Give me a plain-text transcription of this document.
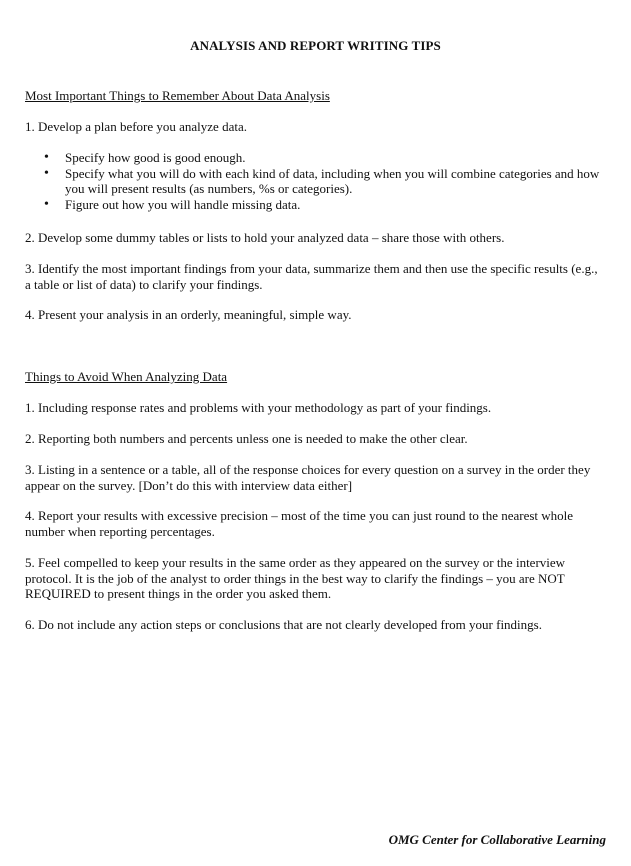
ANALYSIS AND REPORT WRITING TIPS
Most Important Things to Remember About Data Analysis
1. Develop a plan before you analyze data.
• Specify how good is good enough.
• Specify what you will do with each kind of data, including when you will combine categories and how you will present results (as numbers, %s or categories).
• Figure out how you will handle missing data.
2. Develop some dummy tables or lists to hold your analyzed data – share those with others.
3. Identify the most important findings from your data, summarize them and then use the specific results (e.g., a table or list of data) to clarify your findings.
4. Present your analysis in an orderly, meaningful, simple way.
Things to Avoid When Analyzing Data
1. Including response rates and problems with your methodology as part of your findings.
2. Reporting both numbers and percents unless one is needed to make the other clear.
3. Listing in a sentence or a table, all of the response choices for every question on a survey in the order they appear on the survey. [Don’t do this with interview data either]
4. Report your results with excessive precision – most of the time you can just round to the nearest whole number when reporting percentages.
5. Feel compelled to keep your results in the same order as they appeared on the survey or the interview protocol. It is the job of the analyst to order things in the best way to clarify the findings – you are NOT REQUIRED to present things in the order you asked them.
6. Do not include any action steps or conclusions that are not clearly developed from your findings.
OMG Center for Collaborative Learning
